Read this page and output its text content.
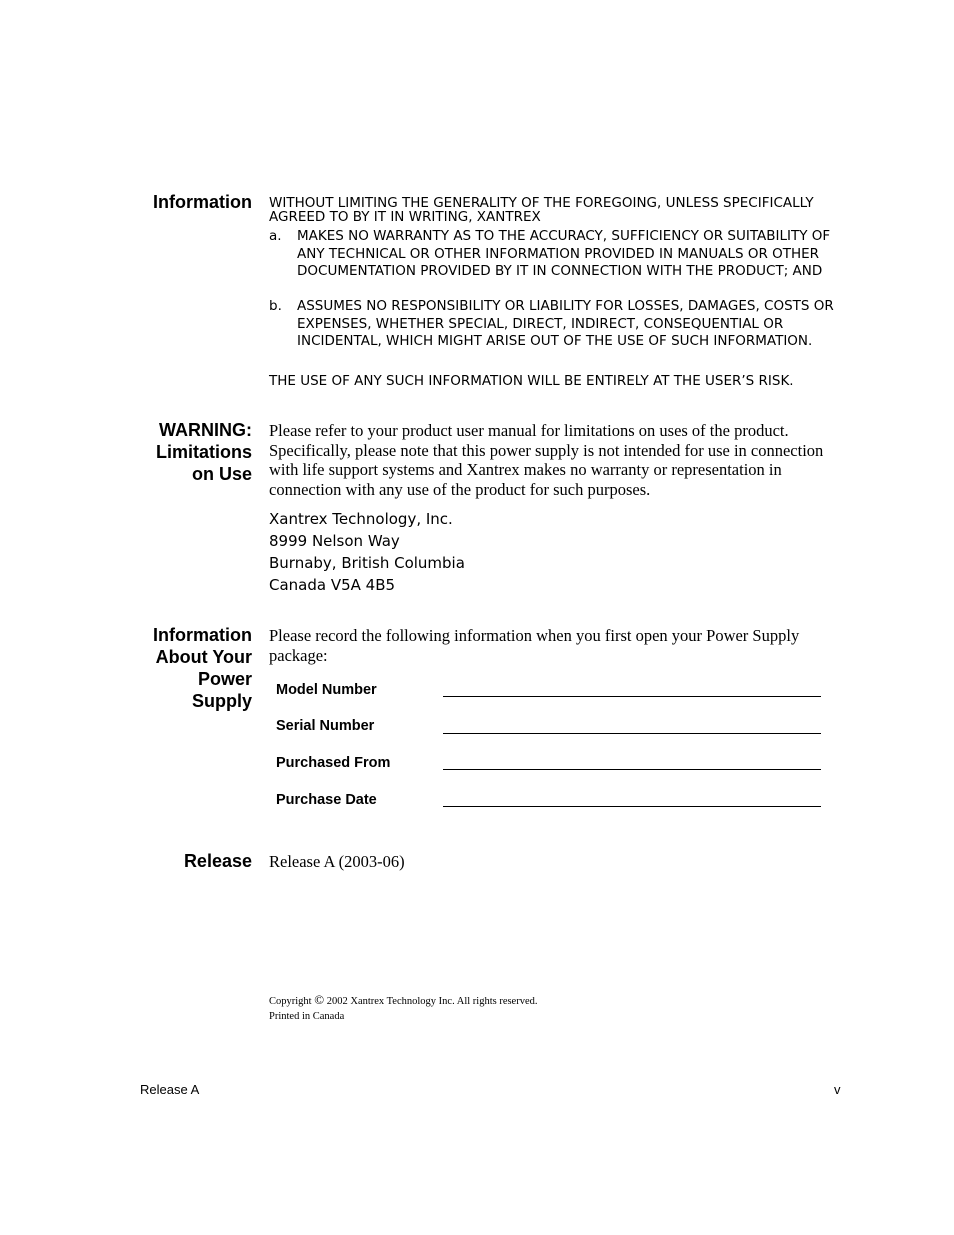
Information WITHOUT LIMITING THE GENERALITY OF THE FOREGOING, UNLESS SPECIFICALLY AGREED TO BY IT IN WRITING, XANTREX
a. MAKES NO WARRANTY AS TO THE ACCURACY, SUFFICIENCY OR SUITABILITY OF ANY TECHNICAL OR OTHER INFORMATION PROVIDED IN MANUALS OR OTHER DOCUMENTATION PROVIDED BY IT IN CONNECTION WITH THE PRODUCT; AND
b. ASSUMES NO RESPONSIBILITY OR LIABILITY FOR LOSSES, DAMAGES, COSTS OR EXPENSES, WHETHER SPECIAL, DIRECT, INDIRECT, CONSEQUENTIAL OR INCIDENTAL, WHICH MIGHT ARISE OUT OF THE USE OF SUCH INFORMATION.
THE USE OF ANY SUCH INFORMATION WILL BE ENTIRELY AT THE USER’S RISK.
WARNING:
Limitations
on Use
Please refer to your product user manual for limitations on uses of the product. Specifically, please note that this power supply is not intended for use in connection with life support systems and Xantrex makes no warranty or representation in connection with any use of the product for such purposes.
Xantrex Technology, Inc.
8999 Nelson Way
Burnaby, British Columbia
Canada V5A 4B5
Information
About Your
Power
Supply
Please record the following information when you first open your Power Supply package:
Model Number
Serial Number
Purchased From
Purchase Date
Release Release A (2003-06)
Copyright © 2002 Xantrex Technology Inc. All rights reserved.
Printed in Canada
Release A	v
